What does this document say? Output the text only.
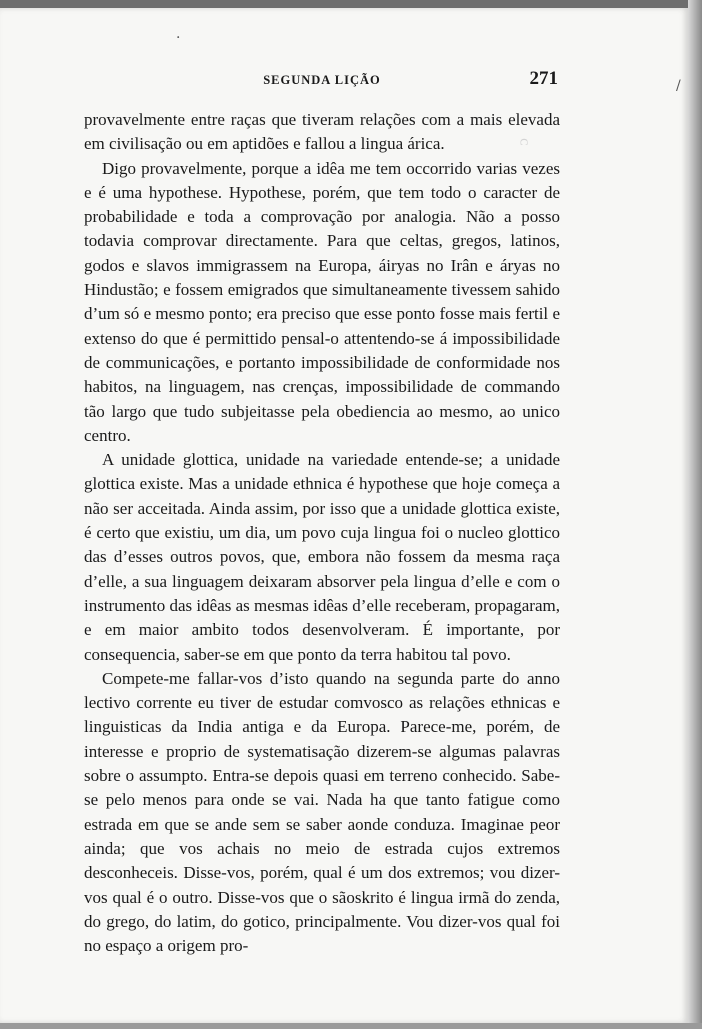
ᴒ
·
/
SEGUNDA LIÇÃO	271

provavelmente entre raças que tiveram relações com a mais elevada em civilisação ou em aptidões e fallou a lingua árica.

Digo provavelmente, porque a idêa me tem occorrido varias vezes e é uma hypothese. Hypothese, porém, que tem todo o caracter de probabilidade e toda a comprovação por analogia. Não a posso todavia comprovar directamente. Para que celtas, gregos, latinos, godos e slavos immigrassem na Europa, áiryas no Irân e áryas no Hindustão; e fossem emigrados que simultaneamente tivessem sahido d’um só e mesmo ponto; era preciso que esse ponto fosse mais fertil e extenso do que é permittido pensal-o attentendo-se á impossibilidade de communicações, e portanto impossibilidade de conformidade nos habitos, na linguagem, nas crenças, impossibilidade de commando tão largo que tudo subjeitasse pela obediencia ao mesmo, ao unico centro.

A unidade glottica, unidade na variedade entende-se; a unidade glottica existe. Mas a unidade ethnica é hypothese que hoje começa a não ser acceitada. Ainda assim, por isso que a unidade glottica existe, é certo que existiu, um dia, um povo cuja lingua foi o nucleo glottico das d’esses outros povos, que, embora não fossem da mesma raça d’elle, a sua linguagem deixaram absorver pela lingua d’elle e com o instrumento das idêas as mesmas idêas d’elle receberam, propagaram, e em maior ambito todos desenvolveram. É importante, por consequencia, saber-se em que ponto da terra habitou tal povo.

Compete-me fallar-vos d’isto quando na segunda parte do anno lectivo corrente eu tiver de estudar comvosco as relações ethnicas e linguisticas da India antiga e da Europa. Parece-me, porém, de interesse e proprio de systematisação dizerem-se algumas palavras sobre o assumpto. Entra-se depois quasi em terreno conhecido. Sabe-se pelo menos para onde se vai. Nada ha que tanto fatigue como estrada em que se ande sem se saber aonde conduza. Imaginae peor ainda; que vos achais no meio de estrada cujos extremos desconheceis. Disse-vos, porém, qual é um dos extremos; vou dizer-vos qual é o outro. Disse-vos que o sãoskrito é lingua irmã do zenda, do grego, do latim, do gotico, principalmente. Vou dizer-vos qual foi no espaço a origem pro-
